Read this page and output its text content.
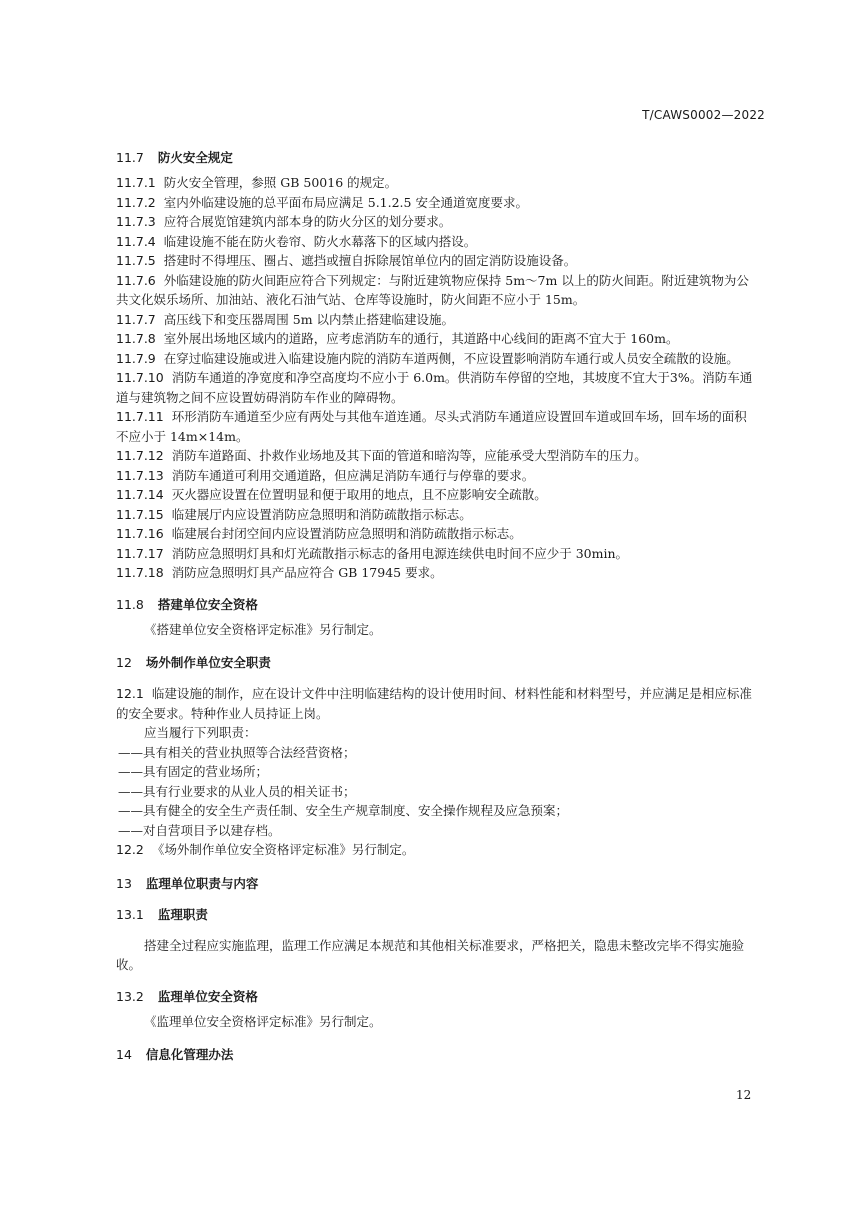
T/CAWS0002—2022
11.7 防火安全规定

11.7.1 防火安全管理，参照 GB 50016 的规定。

11.7.2 室内外临建设施的总平面布局应满足 5.1.2.5 安全通道宽度要求。

11.7.3 应符合展览馆建筑内部本身的防火分区的划分要求。

11.7.4 临建设施不能在防火卷帘、防火水幕落下的区域内搭设。

11.7.5 搭建时不得埋压、圈占、遮挡或擅自拆除展馆单位内的固定消防设施设备。

11.7.6 外临建设施的防火间距应符合下列规定：与附近建筑物应保持 5m～7m 以上的防火间距。附近建筑物为公共文化娱乐场所、加油站、液化石油气站、仓库等设施时，防火间距不应小于 15m。

11.7.7 高压线下和变压器周围 5m 以内禁止搭建临建设施。

11.7.8 室外展出场地区域内的道路，应考虑消防车的通行，其道路中心线间的距离不宜大于 160m。

11.7.9 在穿过临建设施或进入临建设施内院的消防车道两侧，不应设置影响消防车通行或人员安全疏散的设施。

11.7.10 消防车通道的净宽度和净空高度均不应小于 6.0m。供消防车停留的空地，其坡度不宜大于3%。消防车通道与建筑物之间不应设置妨碍消防车作业的障碍物。

11.7.11 环形消防车通道至少应有两处与其他车道连通。尽头式消防车通道应设置回车道或回车场，回车场的面积不应小于 14m×14m。

11.7.12 消防车道路面、扑救作业场地及其下面的管道和暗沟等，应能承受大型消防车的压力。

11.7.13 消防车通道可利用交通道路，但应满足消防车通行与停靠的要求。

11.7.14 灭火器应设置在位置明显和便于取用的地点，且不应影响安全疏散。

11.7.15 临建展厅内应设置消防应急照明和消防疏散指示标志。

11.7.16 临建展台封闭空间内应设置消防应急照明和消防疏散指示标志。

11.7.17 消防应急照明灯具和灯光疏散指示标志的备用电源连续供电时间不应少于 30min。

11.7.18 消防应急照明灯具产品应符合 GB 17945 要求。

11.8 搭建单位安全资格

《搭建单位安全资格评定标准》另行制定。

12 场外制作单位安全职责

12.1 临建设施的制作，应在设计文件中注明临建结构的设计使用时间、材料性能和材料型号，并应满足是相应标准的安全要求。特种作业人员持证上岗。

应当履行下列职责：

——具有相关的营业执照等合法经营资格；

——具有固定的营业场所；

——具有行业要求的从业人员的相关证书；

——具有健全的安全生产责任制、安全生产规章制度、安全操作规程及应急预案；

——对自营项目予以建存档。

12.2 《场外制作单位安全资格评定标准》另行制定。

13 监理单位职责与内容
13.1 监理职责

搭建全过程应实施监理，监理工作应满足本规范和其他相关标准要求，严格把关，隐患未整改完毕不得实施验收。

13.2 监理单位安全资格

《监理单位安全资格评定标准》另行制定。

14 信息化管理办法
12
